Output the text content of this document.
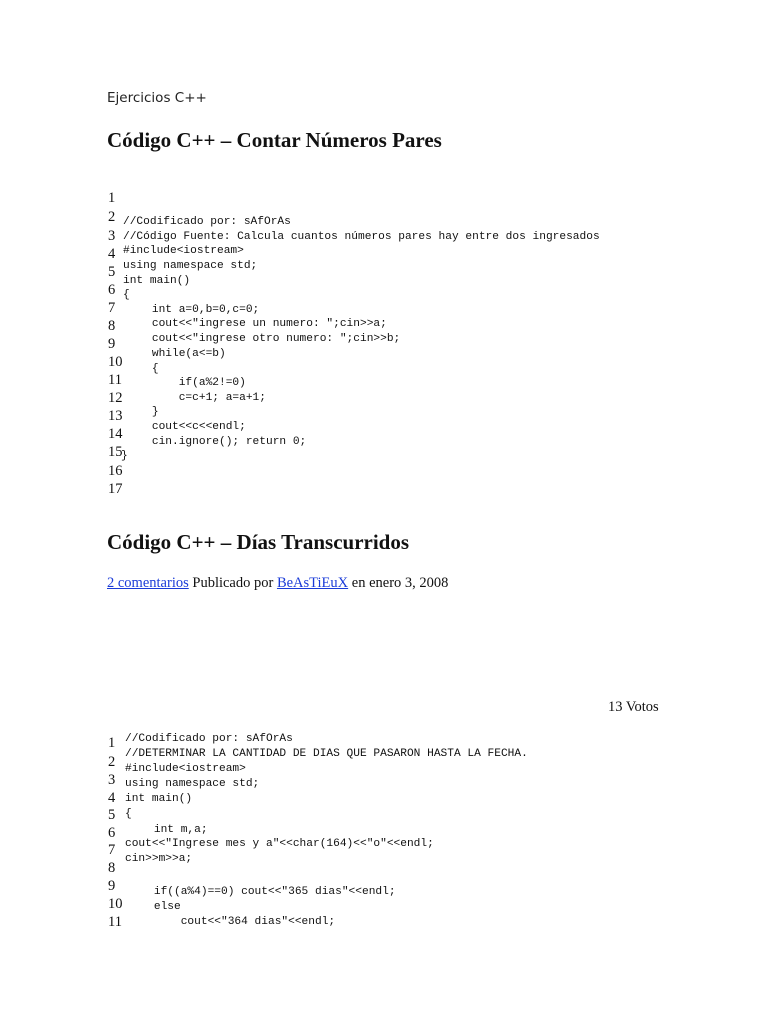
Ejercicios C++
Código C++ – Contar Números Pares
1
2
3
4
5
6
7
8
9
10
11
12
13
14
15
16
17
//Codificado por: sAfOrAs
//Código Fuente: Calcula cuantos números pares hay entre dos ingresados
#include<iostream>
using namespace std;
int main()
{
int a=0,b=0,c=0;
cout<<"ingrese un numero: ";cin>>a;
cout<<"ingrese otro numero: ";cin>>b;
while(a<=b)
{
if(a%2!=0)
c=c+1; a=a+1;
}
cout<<c<<endl;
cin.ignore(); return 0;
}
Código C++ – Días Transcurridos
2 comentarios Publicado por BeAsTiEuX en enero 3, 2008
13 Votos
1
2
3
4
5
6
7
8
9
10
11
//Codificado por: sAfOrAs
//DETERMINAR LA CANTIDAD DE DIAS QUE PASARON HASTA LA FECHA.
#include<iostream>
using namespace std;
int main()
{
int m,a;
cout<<"Ingrese mes y a"<<char(164)<<"o"<<endl;
cin>>m>>a;
if((a%4)==0) cout<<"365 dias"<<endl;
else
cout<<"364 dias"<<endl;
